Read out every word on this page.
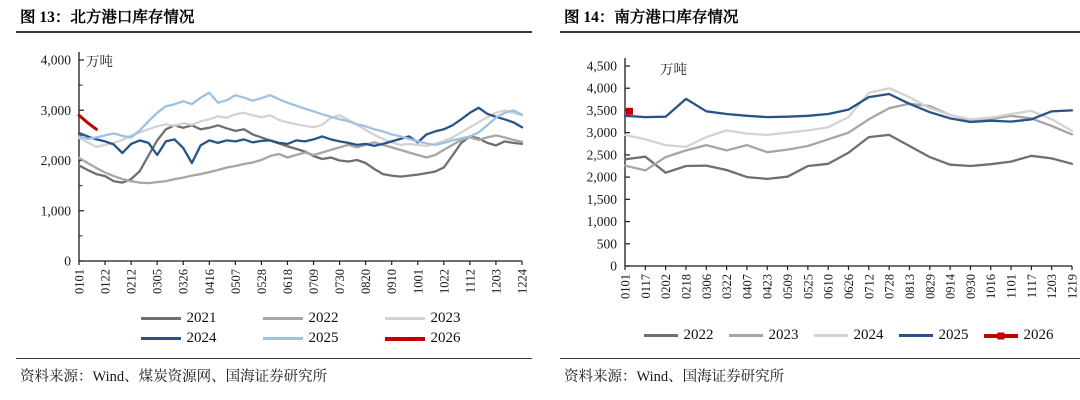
图 13：北方港口库存情况
0
1,000
2,000
3,000
4,000
0101 0122 0212 0305 0326 0416 0507 0528 0618 0709 0730 0820 0910 1001 1022 1112 1203 1224
万吨
2021	2022	2023
2024	2025	2026
资料来源：Wind、煤炭资源网、国海证券研究所
图 14：南方港口库存情况
0
500
1,000
1,500
2,000
2,500
3,000
3,500
4,000
4,500
0101 0117 0202 0218 0306 0322 0407 0423 0509 0525 0610 0626 0712 0728 0813 0829 0914 0930 1016 1101 1117 1203 1219
万吨
2022	2023	2024	2025	2026
资料来源：Wind、国海证券研究所
